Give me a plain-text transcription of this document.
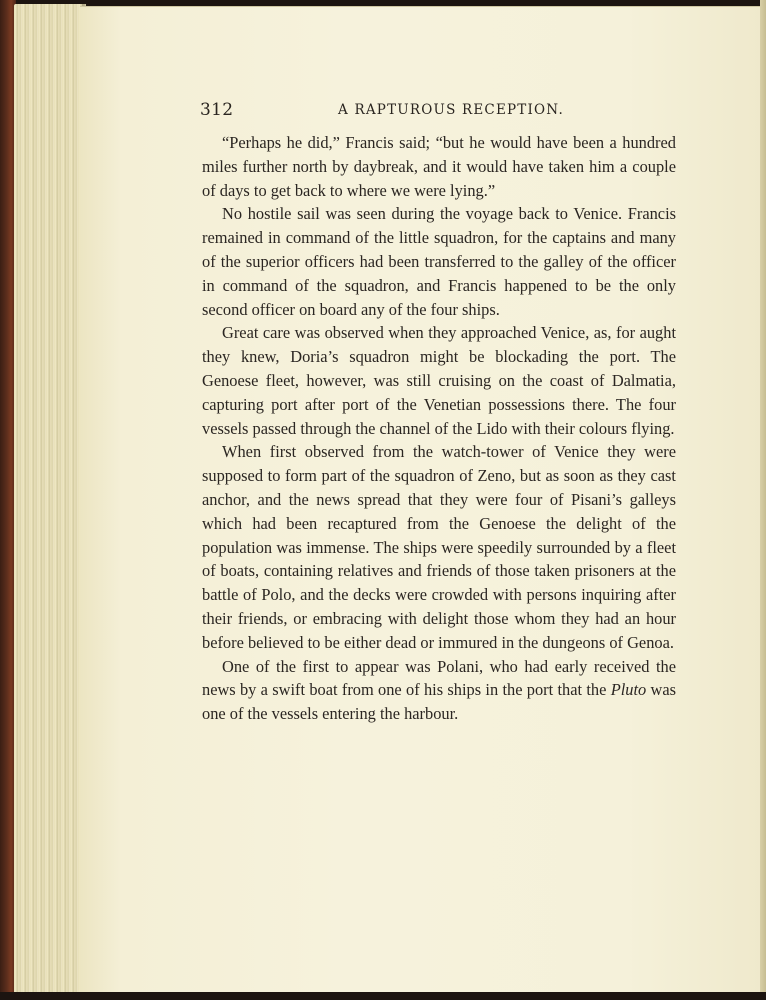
312	A RAPTUROUS RECEPTION.

“Perhaps he did,” Francis said; “but he would have been a hundred miles further north by daybreak, and it would have taken him a couple of days to get back to where we were lying.”

No hostile sail was seen during the voyage back to Venice. Francis remained in command of the little squadron, for the captains and many of the superior officers had been transferred to the galley of the officer in command of the squadron, and Francis happened to be the only second officer on board any of the four ships.

Great care was observed when they approached Venice, as, for aught they knew, Doria’s squadron might be blockading the port. The Genoese fleet, however, was still cruising on the coast of Dalmatia, capturing port after port of the Venetian possessions there. The four vessels passed through the channel of the Lido with their colours flying.

When first observed from the watch-tower of Venice they were supposed to form part of the squadron of Zeno, but as soon as they cast anchor, and the news spread that they were four of Pisani’s galleys which had been recaptured from the Genoese the delight of the population was immense. The ships were speedily surrounded by a fleet of boats, containing relatives and friends of those taken prisoners at the battle of Polo, and the decks were crowded with persons inquiring after their friends, or embracing with delight those whom they had an hour before believed to be either dead or immured in the dungeons of Genoa.

One of the first to appear was Polani, who had early received the news by a swift boat from one of his ships in the port that the Pluto was one of the vessels entering the harbour.
